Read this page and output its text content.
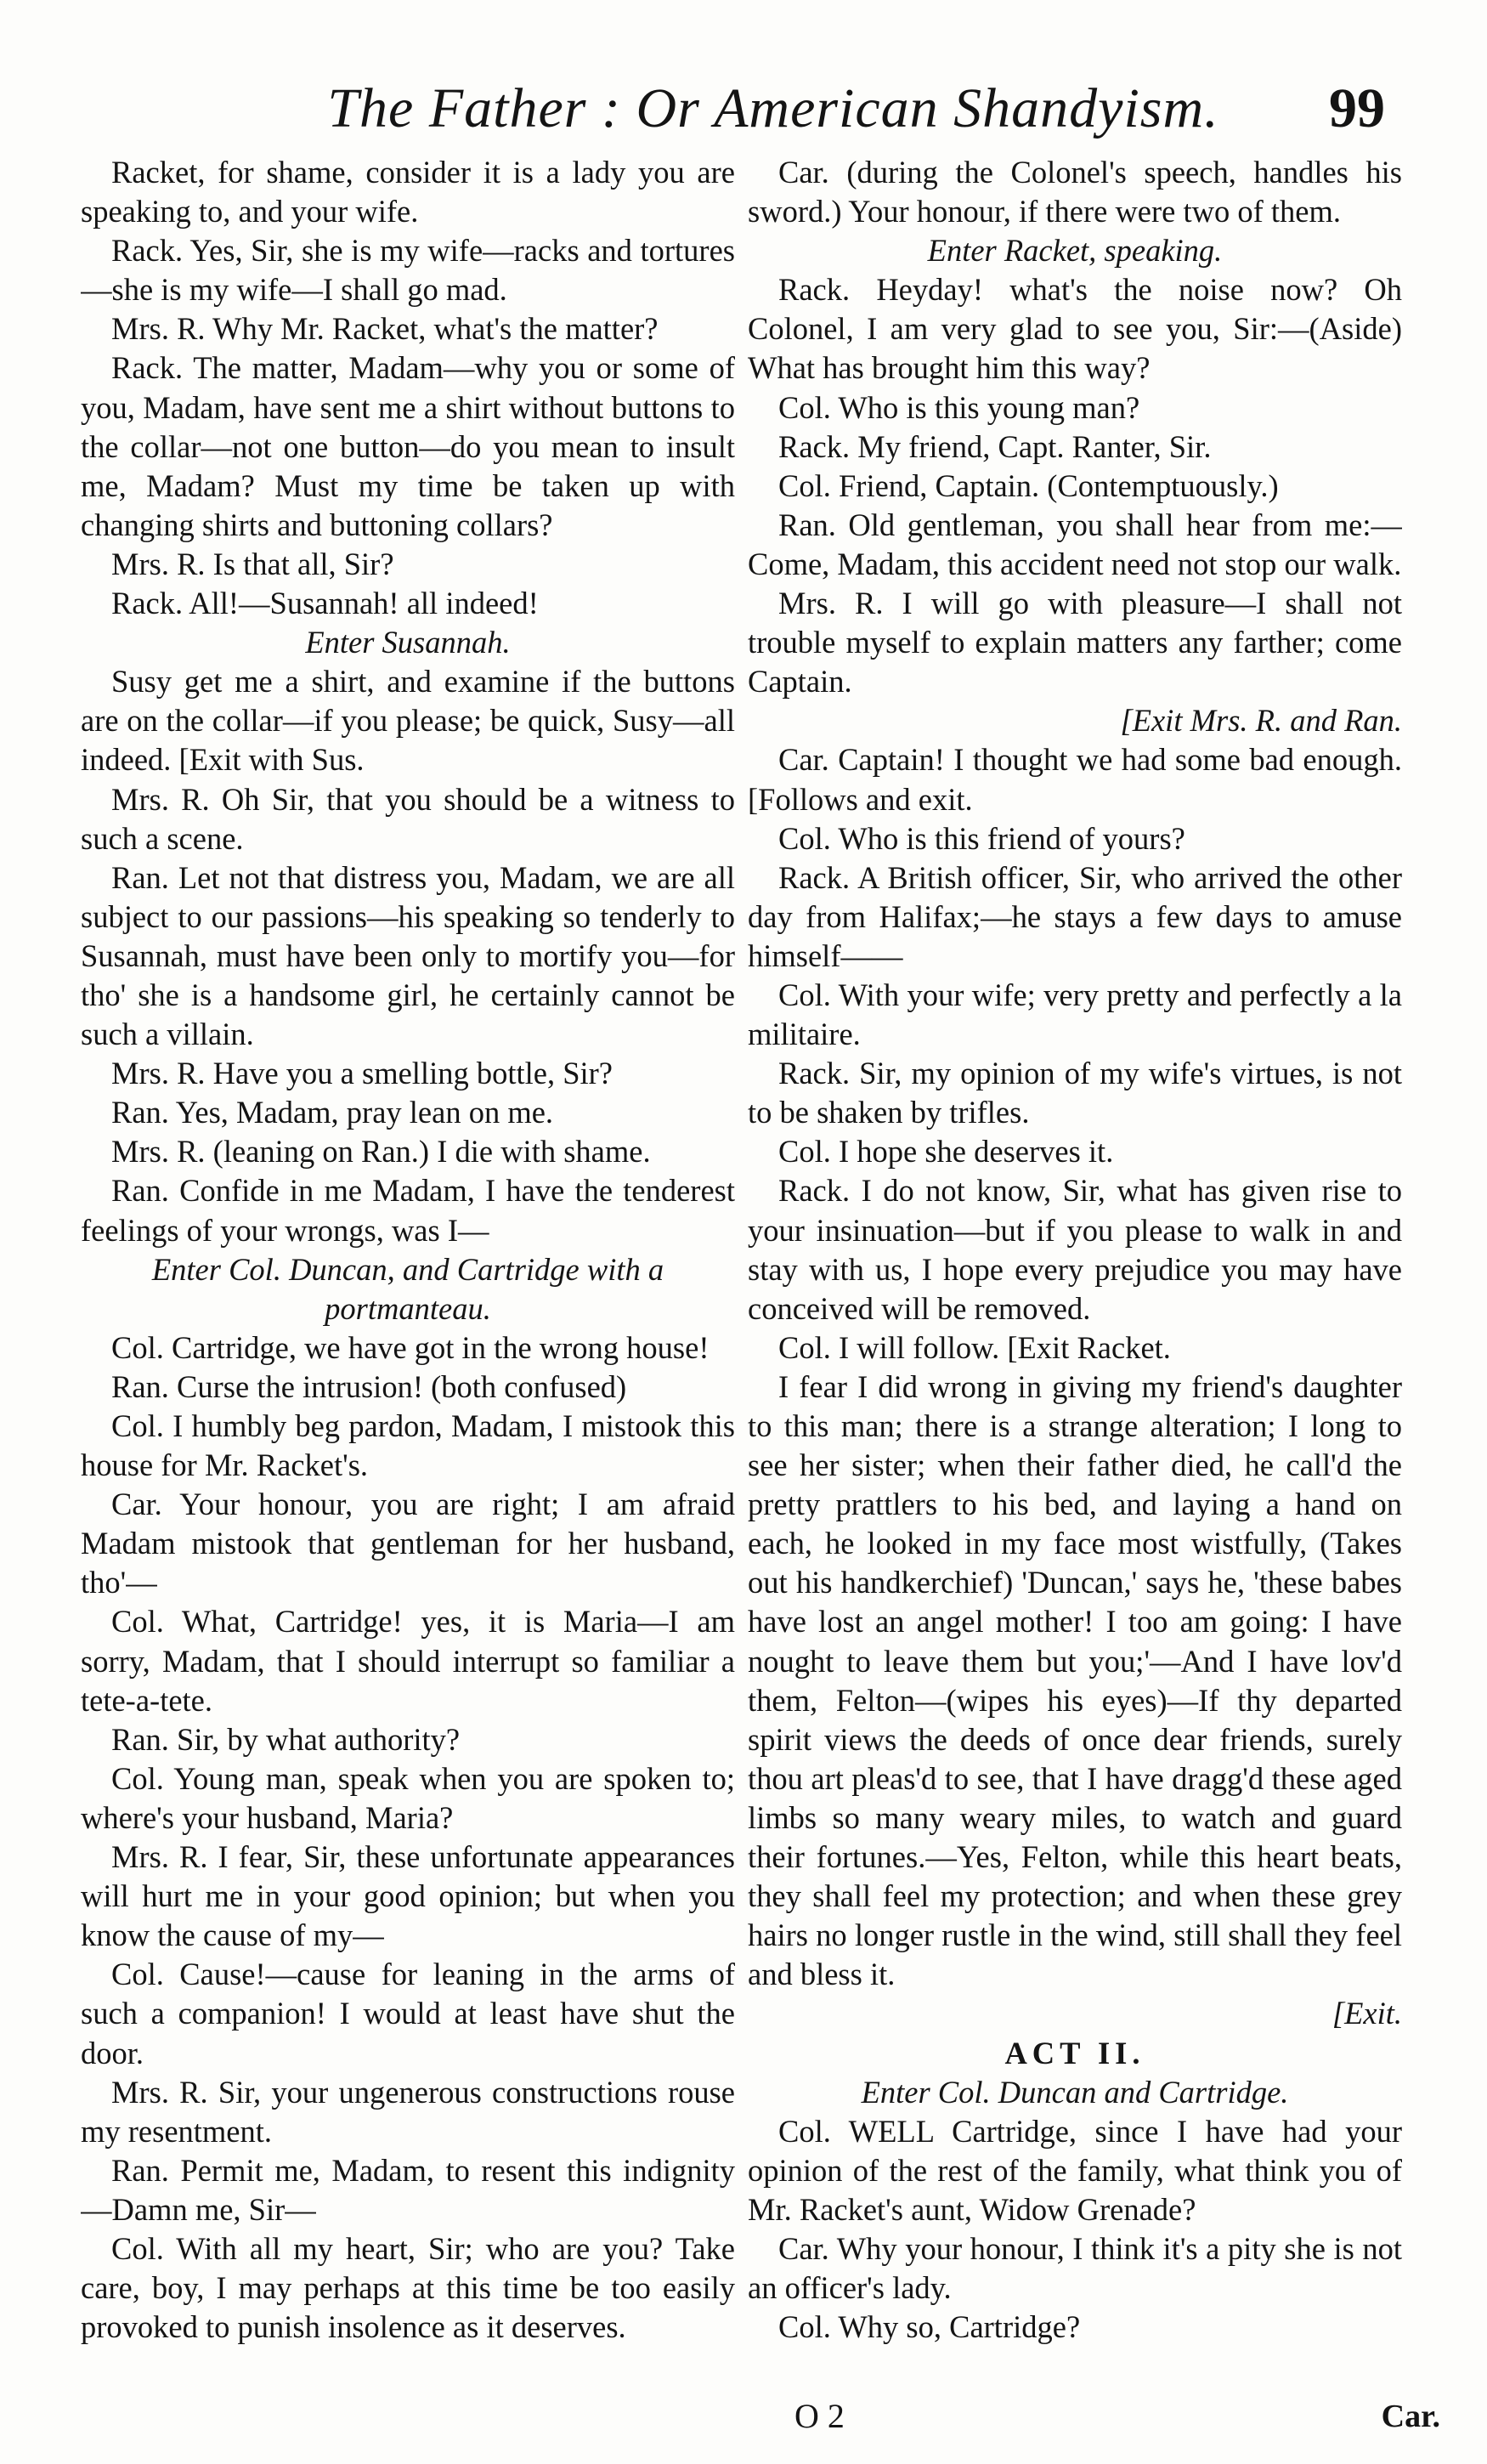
The Father : Or American Shandyism.	99

Racket, for shame, consider it is a lady you are speaking to, and your wife.

Rack. Yes, Sir, she is my wife—racks and tortures—she is my wife—I shall go mad.

Mrs. R. Why Mr. Racket, what's the matter?

Rack. The matter, Madam—why you or some of you, Madam, have sent me a shirt without buttons to the collar—not one button—do you mean to insult me, Madam? Must my time be taken up with changing shirts and buttoning collars?

Mrs. R. Is that all, Sir?

Rack. All!—Susannah! all indeed!

Enter Susannah.

Susy get me a shirt, and examine if the buttons are on the collar—if you please; be quick, Susy—all indeed. [Exit with Sus.

Mrs. R. Oh Sir, that you should be a witness to such a scene.

Ran. Let not that distress you, Madam, we are all subject to our passions—his speaking so tenderly to Susannah, must have been only to mortify you—for tho' she is a handsome girl, he certainly cannot be such a villain.

Mrs. R. Have you a smelling bottle, Sir?

Ran. Yes, Madam, pray lean on me.

Mrs. R. (leaning on Ran.) I die with shame.

Ran. Confide in me Madam, I have the tenderest feelings of your wrongs, was I—

Enter Col. Duncan, and Cartridge with a portmanteau.

Col. Cartridge, we have got in the wrong house!

Ran. Curse the intrusion! (both confused)

Col. I humbly beg pardon, Madam, I mistook this house for Mr. Racket's.

Car. Your honour, you are right; I am afraid Madam mistook that gentleman for her husband, tho'—

Col. What, Cartridge! yes, it is Maria—I am sorry, Madam, that I should interrupt so familiar a tete-a-tete.

Ran. Sir, by what authority?

Col. Young man, speak when you are spoken to; where's your husband, Maria?

Mrs. R. I fear, Sir, these unfortunate appearances will hurt me in your good opinion; but when you know the cause of my—

Col. Cause!—cause for leaning in the arms of such a companion! I would at least have shut the door.

Mrs. R. Sir, your ungenerous constructions rouse my resentment.

Ran. Permit me, Madam, to resent this indignity—Damn me, Sir—

Col. With all my heart, Sir; who are you? Take care, boy, I may perhaps at this time be too easily provoked to punish insolence as it deserves.

Car. (during the Colonel's speech, handles his sword.) Your honour, if there were two of them.

Enter Racket, speaking.

Rack. Heyday! what's the noise now? Oh Colonel, I am very glad to see you, Sir:—(Aside) What has brought him this way?

Col. Who is this young man?

Rack. My friend, Capt. Ranter, Sir.

Col. Friend, Captain. (Contemptuously.)

Ran. Old gentleman, you shall hear from me:—Come, Madam, this accident need not stop our walk.

Mrs. R. I will go with pleasure—I shall not trouble myself to explain matters any farther; come Captain.

[Exit Mrs. R. and Ran.

Car. Captain! I thought we had some bad enough. [Follows and exit.

Col. Who is this friend of yours?

Rack. A British officer, Sir, who arrived the other day from Halifax;—he stays a few days to amuse himself——

Col. With your wife; very pretty and perfectly a la militaire.

Rack. Sir, my opinion of my wife's virtues, is not to be shaken by trifles.

Col. I hope she deserves it.

Rack. I do not know, Sir, what has given rise to your insinuation—but if you please to walk in and stay with us, I hope every prejudice you may have conceived will be removed.

Col. I will follow. [Exit Racket.

I fear I did wrong in giving my friend's daughter to this man; there is a strange alteration; I long to see her sister; when their father died, he call'd the pretty prattlers to his bed, and laying a hand on each, he looked in my face most wistfully, (Takes out his handkerchief) 'Duncan,' says he, 'these babes have lost an angel mother! I too am going: I have nought to leave them but you;'—And I have lov'd them, Felton—(wipes his eyes)—If thy departed spirit views the deeds of once dear friends, surely thou art pleas'd to see, that I have dragg'd these aged limbs so many weary miles, to watch and guard their fortunes.—Yes, Felton, while this heart beats, they shall feel my protection; and when these grey hairs no longer rustle in the wind, still shall they feel and bless it.

[Exit.

ACT II.

Enter Col. Duncan and Cartridge.

Col. WELL Cartridge, since I have had your opinion of the rest of the family, what think you of Mr. Racket's aunt, Widow Grenade?

Car. Why your honour, I think it's a pity she is not an officer's lady.

Col. Why so, Cartridge?

O 2	Car.
